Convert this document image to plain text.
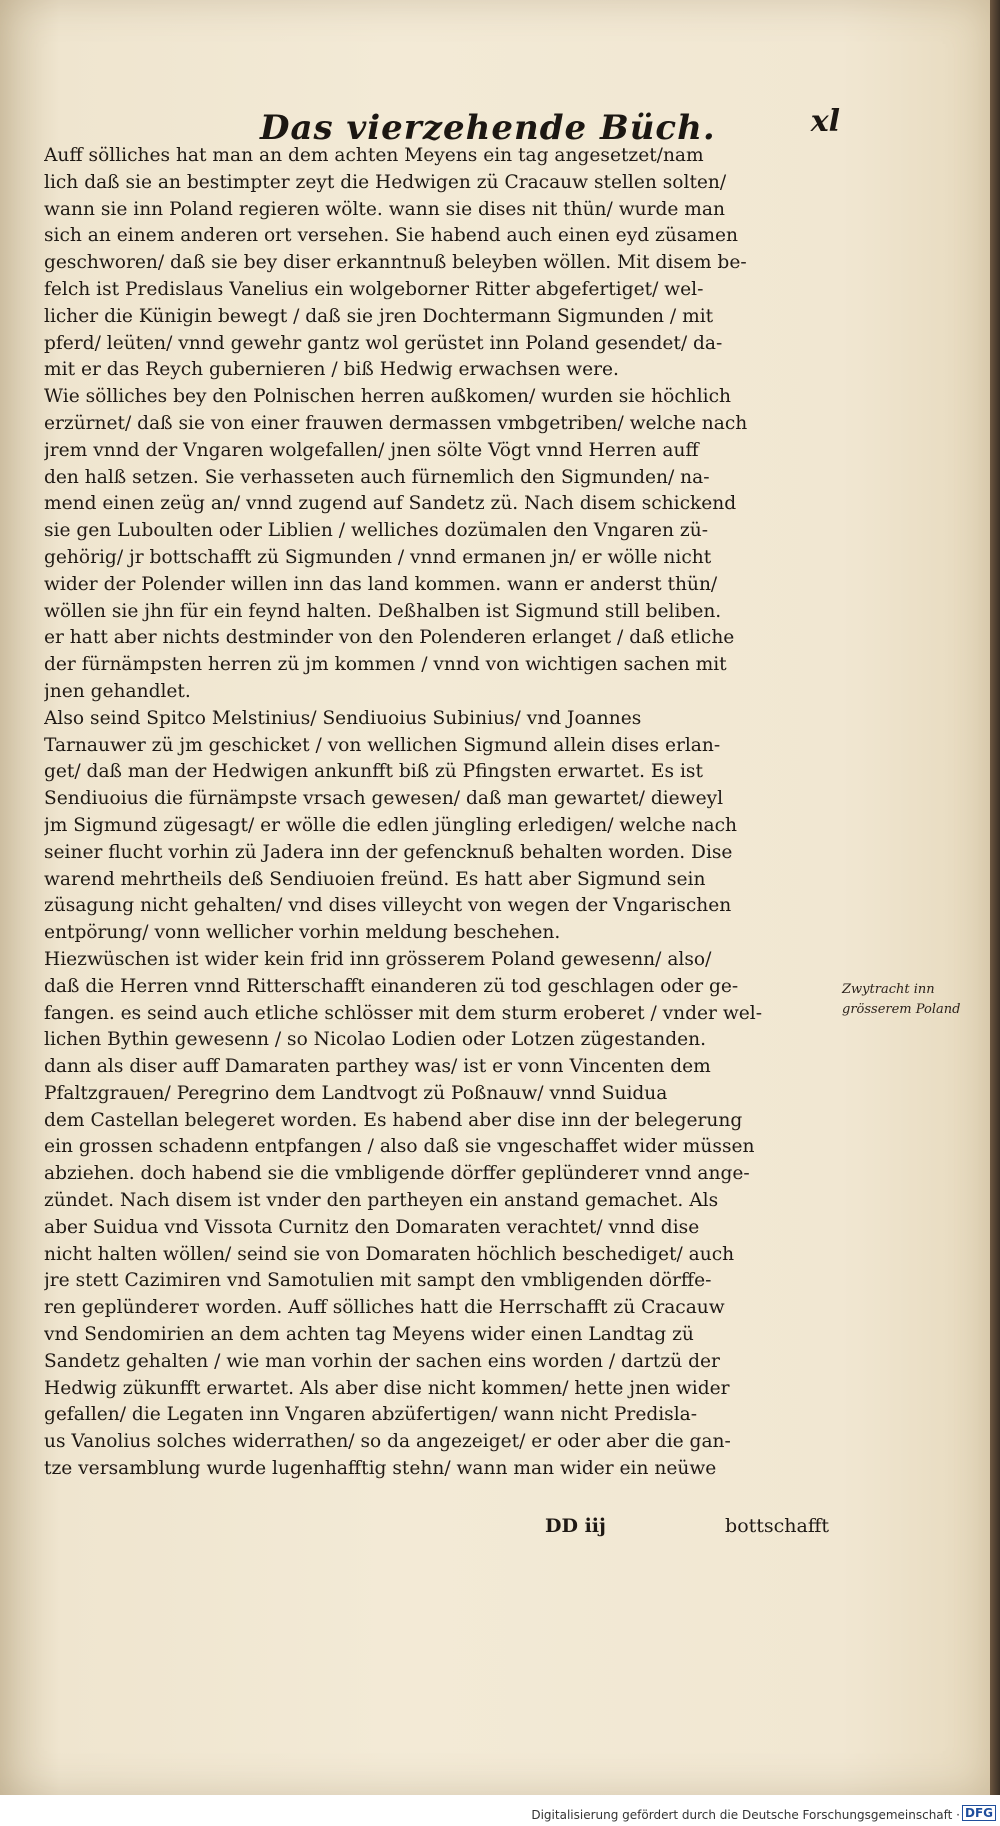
Das vierzehende Büch.	xl
Auff sölliches hat man an dem achten Meyens ein tag angesetzet/nam
lich daß sie an bestimpter zeyt die Hedwigen zü Cracauw stellen solten/
wann sie inn Poland regieren wölte. wann sie dises nit thün/ wurde man
sich an einem anderen ort versehen. Sie habend auch einen eyd züsamen
geschworen/ daß sie bey diser erkanntnuß beleyben wöllen. Mit disem be-
felch ist Predislaus Vanelius ein wolgeborner Ritter abgefertiget/ wel-
licher die Künigin bewegt / daß sie jren Dochtermann Sigmunden / mit
pferd/ leüten/ vnnd gewehr gantz wol gerüstet inn Poland gesendet/ da-
mit er das Reych gubernieren / biß Hedwig erwachsen were.
Wie sölliches bey den Polnischen herren außkomen/ wurden sie höchlich
erzürnet/ daß sie von einer frauwen dermassen vmbgetriben/ welche nach
jrem vnnd der Vngaren wolgefallen/ jnen sölte Vögt vnnd Herren auff
den halß setzen. Sie verhasseten auch fürnemlich den Sigmunden/ na-
mend einen zeüg an/ vnnd zugend auf Sandetz zü. Nach disem schickend
sie gen Luboulten oder Liblien / welliches dozümalen den Vngaren zü-
gehörig/ jr bottschafft zü Sigmunden / vnnd ermanen jn/ er wölle nicht
wider der Polender willen inn das land kommen. wann er anderst thün/
wöllen sie jhn für ein feynd halten. Deßhalben ist Sigmund still beliben.
er hatt aber nichts destminder von den Polenderen erlanget / daß etliche
der fürnämpsten herren zü jm kommen / vnnd von wichtigen sachen mit
jnen gehandlet.
Also seind Spitco Melstinius/ Sendiuoius Subinius/ vnd Joannes
Tarnauwer zü jm geschicket / von wellichen Sigmund allein dises erlan-
get/ daß man der Hedwigen ankunfft biß zü Pfingsten erwartet. Es ist
Sendiuoius die fürnämpste vrsach gewesen/ daß man gewartet/ dieweyl
jm Sigmund zügesagt/ er wölle die edlen jüngling erledigen/ welche nach
seiner flucht vorhin zü Jadera inn der gefencknuß behalten worden. Dise
warend mehrtheils deß Sendiuoien freünd. Es hatt aber Sigmund sein
züsagung nicht gehalten/ vnd dises villeycht von wegen der Vngarischen
entpörung/ vonn wellicher vorhin meldung beschehen.
Hiezwüschen ist wider kein frid inn grösserem Poland gewesenn/ also/
daß die Herren vnnd Ritterschafft einanderen zü tod geschlagen oder ge-
fangen. es seind auch etliche schlösser mit dem sturm eroberet / vnder wel-
lichen Bythin gewesenn / so Nicolao Lodien oder Lotzen zügestanden.
dann als diser auff Damaraten parthey was/ ist er vonn Vincenten dem
Pfaltzgrauen/ Peregrino dem Landtvogt zü Poßnauw/ vnnd Suidua
dem Castellan belegeret worden. Es habend aber dise inn der belegerung
ein grossen schadenn entpfangen / also daß sie vngeschaffet wider müssen
abziehen. doch habend sie die vmbligende dörffer geplündereт vnnd ange-
zündet. Nach disem ist vnder den partheyen ein anstand gemachet. Als
aber Suidua vnd Vissota Curnitz den Domaraten verachtet/ vnnd dise
nicht halten wöllen/ seind sie von Domaraten höchlich beschediget/ auch
jre stett Cazimiren vnd Samotulien mit sampt den vmbligenden dörffe-
ren geplündereт worden. Auff sölliches hatt die Herrschafft zü Cracauw
vnd Sendomirien an dem achten tag Meyens wider einen Landtag zü
Sandetz gehalten / wie man vorhin der sachen eins worden / dartzü der
Hedwig zükunfft erwartet. Als aber dise nicht kommen/ hette jnen wider
gefallen/ die Legaten inn Vngaren abzüfertigen/ wann nicht Predisla-
us Vanolius solches widerrathen/ so da angezeiget/ er oder aber die gan-
tze versamblung wurde lugenhafftig stehn/ wann man wider ein neüwe
Zwytracht inn grösserem Poland
DD iij	bottschafft
Digitalisierung gefördert durch die Deutsche Forschungsgemeinschaft · DFG
